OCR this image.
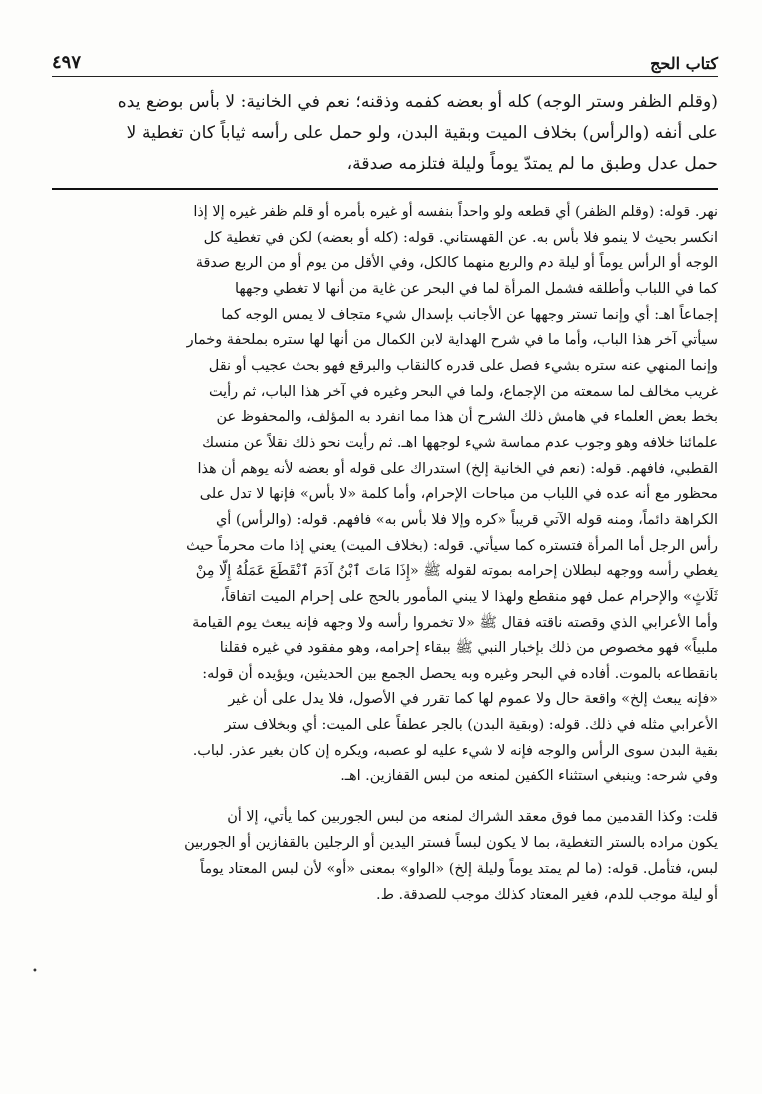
كتاب الحج
٤٩٧
(وقلم الظفر وستر الوجه) كله أو بعضه كفمه وذقنه؛ نعم في الخانية: لا بأس بوضع يده
على أنفه (والرأس) بخلاف الميت وبقية البدن، ولو حمل على رأسه ثياباً كان تغطية لا
حمل عدل وطبق ما لم يمتدّ يوماً وليلة فتلزمه صدقة،
نهر. قوله: (وقلم الظفر) أي قطعه ولو واحداً بنفسه أو غيره بأمره أو قلم ظفر غيره إلا إذا
انكسر بحيث لا ينمو فلا بأس به. عن القهستاني. قوله: (كله أو بعضه) لكن في تغطية كل
الوجه أو الرأس يوماً أو ليلة دم والربع منهما كالكل، وفي الأقل من يوم أو من الربع صدقة
كما في اللباب وأطلقه فشمل المرأة لما في البحر عن غاية من أنها لا تغطي وجهها
إجماعاً اهـ: أي وإنما تستر وجهها عن الأجانب بإسدال شيء متجاف لا يمس الوجه كما
سيأتي آخر هذا الباب، وأما ما في شرح الهداية لابن الكمال من أنها لها ستره بملحفة وخمار
وإنما المنهي عنه ستره بشيء فصل على قدره كالنقاب والبرقع فهو بحث عجيب أو نقل
غريب مخالف لما سمعته من الإجماع، ولما في البحر وغيره في آخر هذا الباب، ثم رأيت
بخط بعض العلماء في هامش ذلك الشرح أن هذا مما انفرد به المؤلف، والمحفوظ عن
علمائنا خلافه وهو وجوب عدم مماسة شيء لوجهها اهـ. ثم رأيت نحو ذلك نقلاً عن منسك
القطبي، فافهم. قوله: (نعم في الخانية إلخ) استدراك على قوله أو بعضه لأنه يوهم أن هذا
محظور مع أنه عده في اللباب من مباحات الإحرام، وأما كلمة «لا بأس» فإنها لا تدل على
الكراهة دائماً، ومنه قوله الآتي قريباً «كره وإلا فلا بأس به» فافهم. قوله: (والرأس) أي
رأس الرجل أما المرأة فتستره كما سيأتي. قوله: (بخلاف الميت) يعني إذا مات محرماً حيث
يغطي رأسه ووجهه لبطلان إحرامه بموته لقوله ﷺ «إِذَا مَاتَ ٱبْنُ آدَمَ ٱنْقَطَعَ عَمَلُهُ إِلَّا مِنْ
ثَلَاثٍ» والإحرام عمل فهو منقطع ولهذا لا يبني المأمور بالحج على إحرام الميت اتفاقاً،
وأما الأعرابي الذي وقصته ناقته فقال ﷺ «لا تخمروا رأسه ولا وجهه فإنه يبعث يوم القيامة
ملبياً» فهو مخصوص من ذلك بإخبار النبي ﷺ ببقاء إحرامه، وهو مفقود في غيره فقلنا
بانقطاعه بالموت. أفاده في البحر وغيره وبه يحصل الجمع بين الحديثين، ويؤيده أن قوله:
«فإنه يبعث إلخ» واقعة حال ولا عموم لها كما تقرر في الأصول، فلا يدل على أن غير
الأعرابي مثله في ذلك. قوله: (وبقية البدن) بالجر عطفاً على الميت: أي وبخلاف ستر
بقية البدن سوى الرأس والوجه فإنه لا شيء عليه لو عصبه، ويكره إن كان بغير عذر. لباب.
وفي شرحه: وينبغي استثناء الكفين لمنعه من لبس القفازين. اهـ.
قلت: وكذا القدمين مما فوق معقد الشراك لمنعه من لبس الجوربين كما يأتي، إلا أن
يكون مراده بالستر التغطية، بما لا يكون لبساً فستر اليدين أو الرجلين بالقفازين أو الجوربين
لبس، فتأمل. قوله: (ما لم يمتد يوماً وليلة إلخ) «الواو» بمعنى «أو» لأن لبس المعتاد يوماً
أو ليلة موجب للدم، فغير المعتاد كذلك موجب للصدقة. ط.
•
